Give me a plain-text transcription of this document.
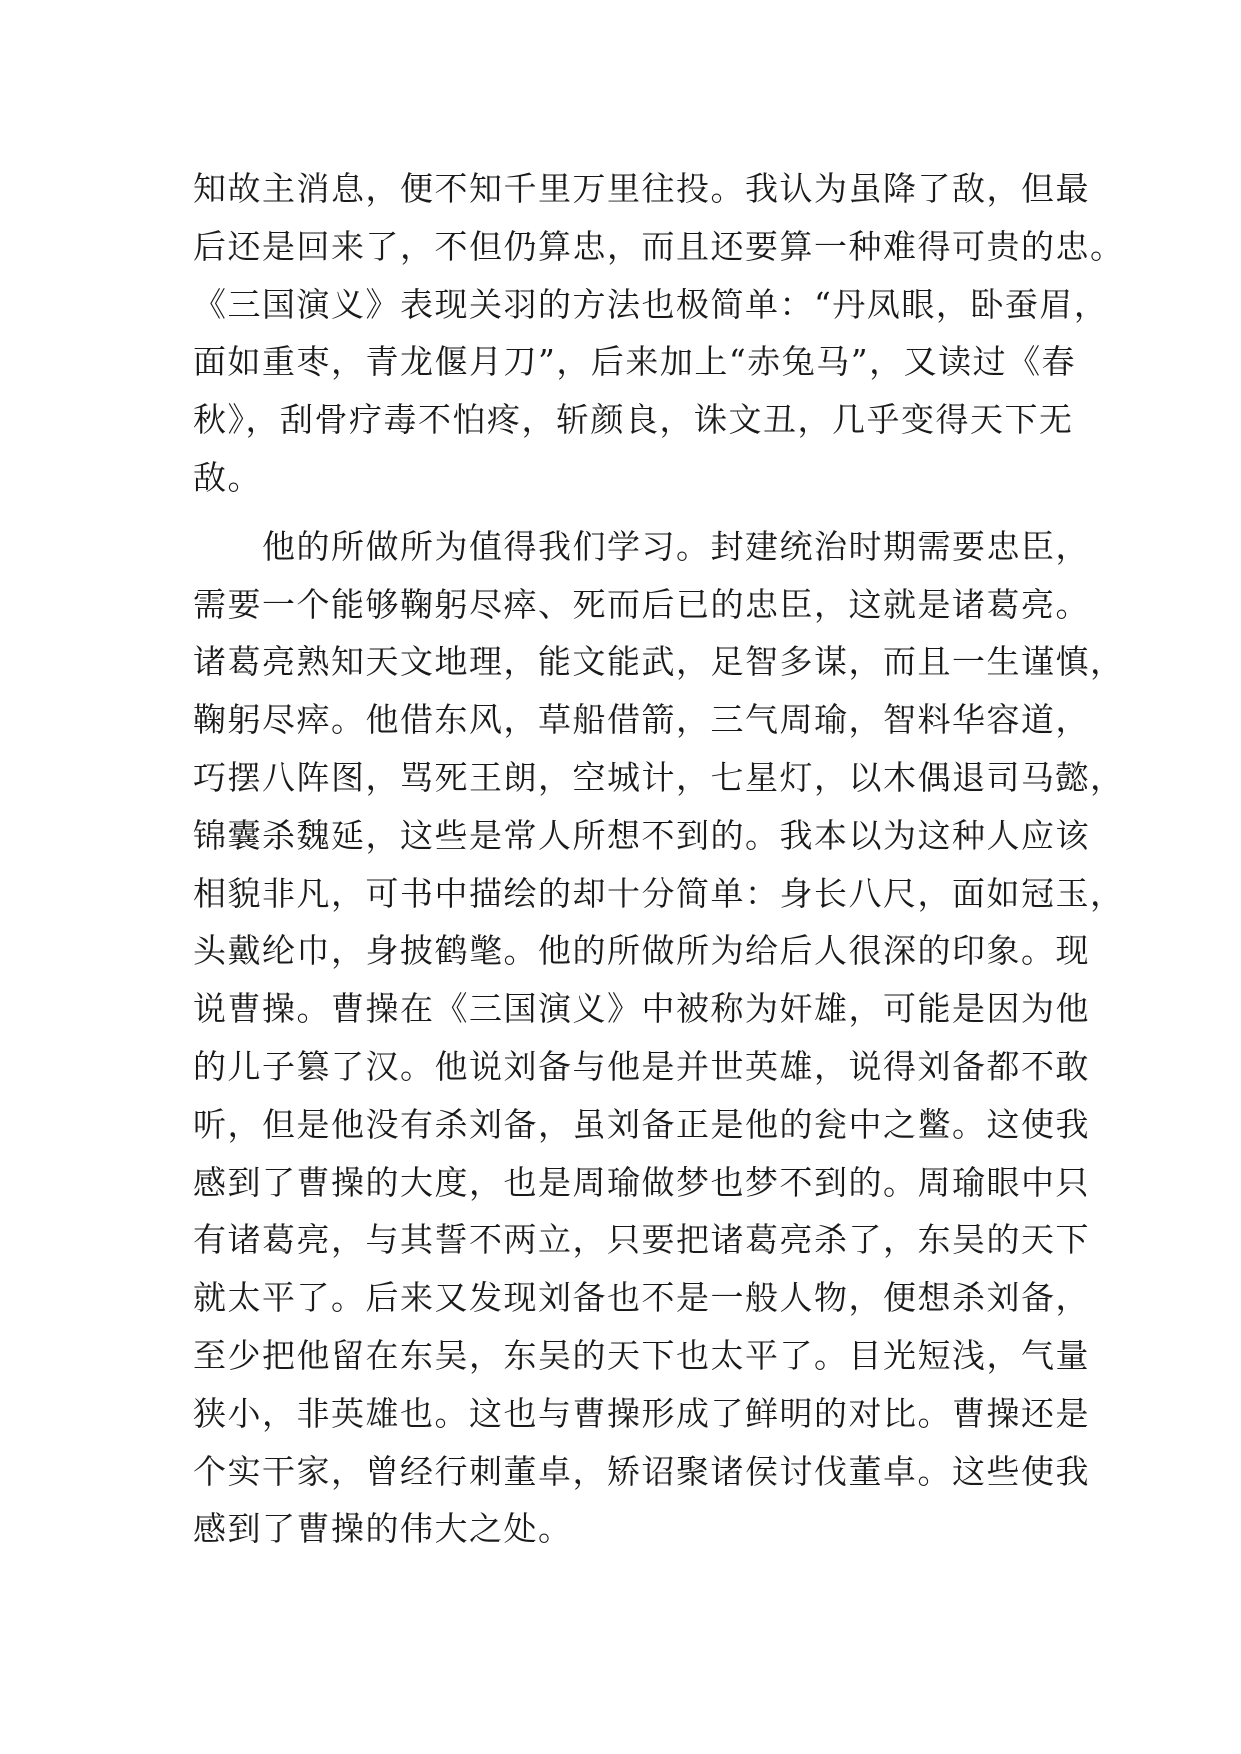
知故主消息，便不知千里万里往投。我认为虽降了敌，但最
后还是回来了，不但仍算忠，而且还要算一种难得可贵的忠。
《三国演义》表现关羽的方法也极简单：“丹凤眼，卧蚕眉，
面如重枣，青龙偃月刀”，后来加上“赤兔马”，又读过《春
秋》，刮骨疗毒不怕疼，斩颜良，诛文丑，几乎变得天下无
敌。
　　他的所做所为值得我们学习。封建统治时期需要忠臣，
需要一个能够鞠躬尽瘁、死而后已的忠臣，这就是诸葛亮。
诸葛亮熟知天文地理，能文能武，足智多谋，而且一生谨慎，
鞠躬尽瘁。他借东风，草船借箭，三气周瑜，智料华容道，
巧摆八阵图，骂死王朗，空城计，七星灯，以木偶退司马懿，
锦囊杀魏延，这些是常人所想不到的。我本以为这种人应该
相貌非凡，可书中描绘的却十分简单：身长八尺，面如冠玉，
头戴纶巾，身披鹤氅。他的所做所为给后人很深的印象。现
说曹操。曹操在《三国演义》中被称为奸雄，可能是因为他
的儿子篡了汉。他说刘备与他是并世英雄，说得刘备都不敢
听，但是他没有杀刘备，虽刘备正是他的瓮中之鳖。这使我
感到了曹操的大度，也是周瑜做梦也梦不到的。周瑜眼中只
有诸葛亮，与其誓不两立，只要把诸葛亮杀了，东吴的天下
就太平了。后来又发现刘备也不是一般人物，便想杀刘备，
至少把他留在东吴，东吴的天下也太平了。目光短浅，气量
狭小，非英雄也。这也与曹操形成了鲜明的对比。曹操还是
个实干家，曾经行刺董卓，矫诏聚诸侯讨伐董卓。这些使我
感到了曹操的伟大之处。
